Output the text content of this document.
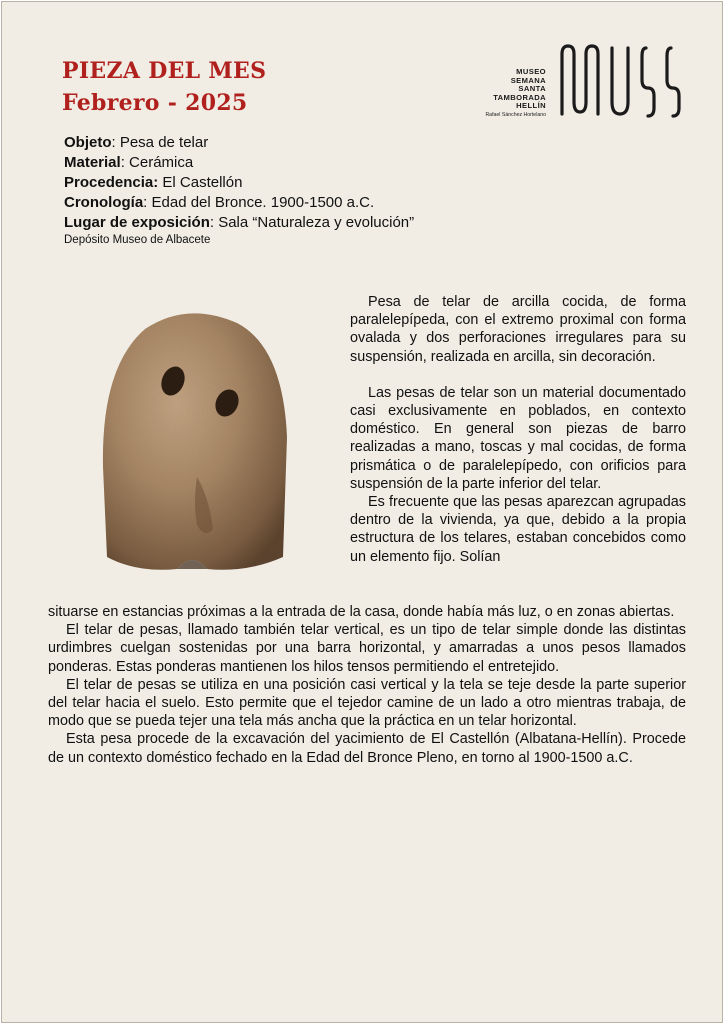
PIEZA DEL MES
Febrero - 2025
MUSEO
SEMANA
SANTA
TAMBORADA
HELLÍN
Rafael Sánchez Hortelano
Objeto: Pesa de telar
Material: Cerámica
Procedencia: El Castellón
Cronología: Edad del Bronce. 1900-1500 a.C.
Lugar de exposición: Sala “Naturaleza y evolución”
Depósito Museo de Albacete

Pesa de telar de arcilla cocida, de forma paralelepípeda, con el extremo proximal con forma ovalada y dos perforaciones irregulares para su suspensión, realizada en arcilla, sin decoración.

Las pesas de telar son un material documentado casi exclusivamente en poblados, en contexto doméstico. En general son piezas de barro realizadas a mano, toscas y mal cocidas, de forma prismática o de paralelepípedo, con orificios para suspensión de la parte inferior del telar.

Es frecuente que las pesas aparezcan agrupadas dentro de la vivienda, ya que, debido a la propia estructura de los telares, estaban concebidos como un elemento fijo. Solían

situarse en estancias próximas a la entrada de la casa, donde había más luz, o en zonas abiertas.

El telar de pesas, llamado también telar vertical, es un tipo de telar simple donde las distintas urdimbres cuelgan sostenidas por una barra horizontal, y amarradas a unos pesos llamados ponderas. Estas ponderas mantienen los hilos tensos permitiendo el entretejido.

El telar de pesas se utiliza en una posición casi vertical y la tela se teje desde la parte superior del telar hacia el suelo. Esto permite que el tejedor camine de un lado a otro mientras trabaja, de modo que se pueda tejer una tela más ancha que la práctica en un telar horizontal.

Esta pesa procede de la excavación del yacimiento de El Castellón (Albatana-Hellín). Procede de un contexto doméstico fechado en la Edad del Bronce Pleno, en torno al 1900-1500 a.C.
